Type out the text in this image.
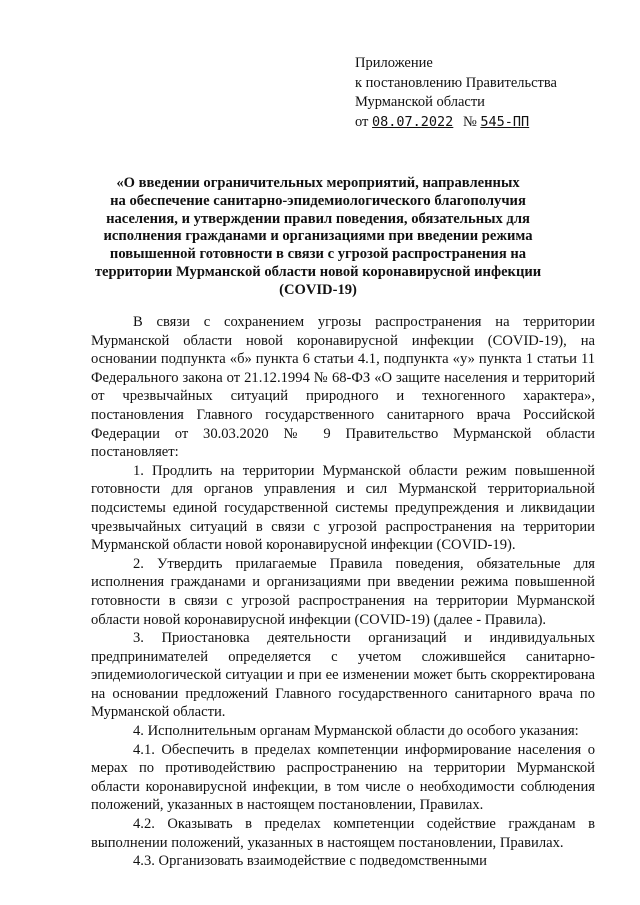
Приложение
к постановлению Правительства
Мурманской области
от 08.07.2022 № 545-ПП
«О введении ограничительных мероприятий, направленных
на обеспечение санитарно-эпидемиологического благополучия
населения, и утверждении правил поведения, обязательных для
исполнения гражданами и организациями при введении режима
повышенной готовности в связи с угрозой распространения на
территории Мурманской области новой коронавирусной инфекции
(COVID-19)

В связи с сохранением угрозы распространения на территории Мурманской области новой коронавирусной инфекции (COVID-19), на основании подпункта «б» пункта 6 статьи 4.1, подпункта «у» пункта 1 статьи 11 Федерального закона от 21.12.1994 № 68-ФЗ «О защите населения и территорий от чрезвычайных ситуаций природного и техногенного характера», постановления Главного государственного санитарного врача Российской Федерации от 30.03.2020 № 9 Правительство Мурманской области постановляет:

1. Продлить на территории Мурманской области режим повышенной готовности для органов управления и сил Мурманской территориальной подсистемы единой государственной системы предупреждения и ликвидации чрезвычайных ситуаций в связи с угрозой распространения на территории Мурманской области новой коронавирусной инфекции (COVID-19).

2. Утвердить прилагаемые Правила поведения, обязательные для исполнения гражданами и организациями при введении режима повышенной готовности в связи с угрозой распространения на территории Мурманской области новой коронавирусной инфекции (COVID-19) (далее - Правила).

3. Приостановка деятельности организаций и индивидуальных предпринимателей определяется с учетом сложившейся санитарно-эпидемиологической ситуации и при ее изменении может быть скорректирована на основании предложений Главного государственного санитарного врача по Мурманской области.

4. Исполнительным органам Мурманской области до особого указания:

4.1. Обеспечить в пределах компетенции информирование населения о мерах по противодействию распространению на территории Мурманской области коронавирусной инфекции, в том числе о необходимости соблюдения положений, указанных в настоящем постановлении, Правилах.

4.2. Оказывать в пределах компетенции содействие гражданам в выполнении положений, указанных в настоящем постановлении, Правилах.

4.3. Организовать взаимодействие с подведомственными
